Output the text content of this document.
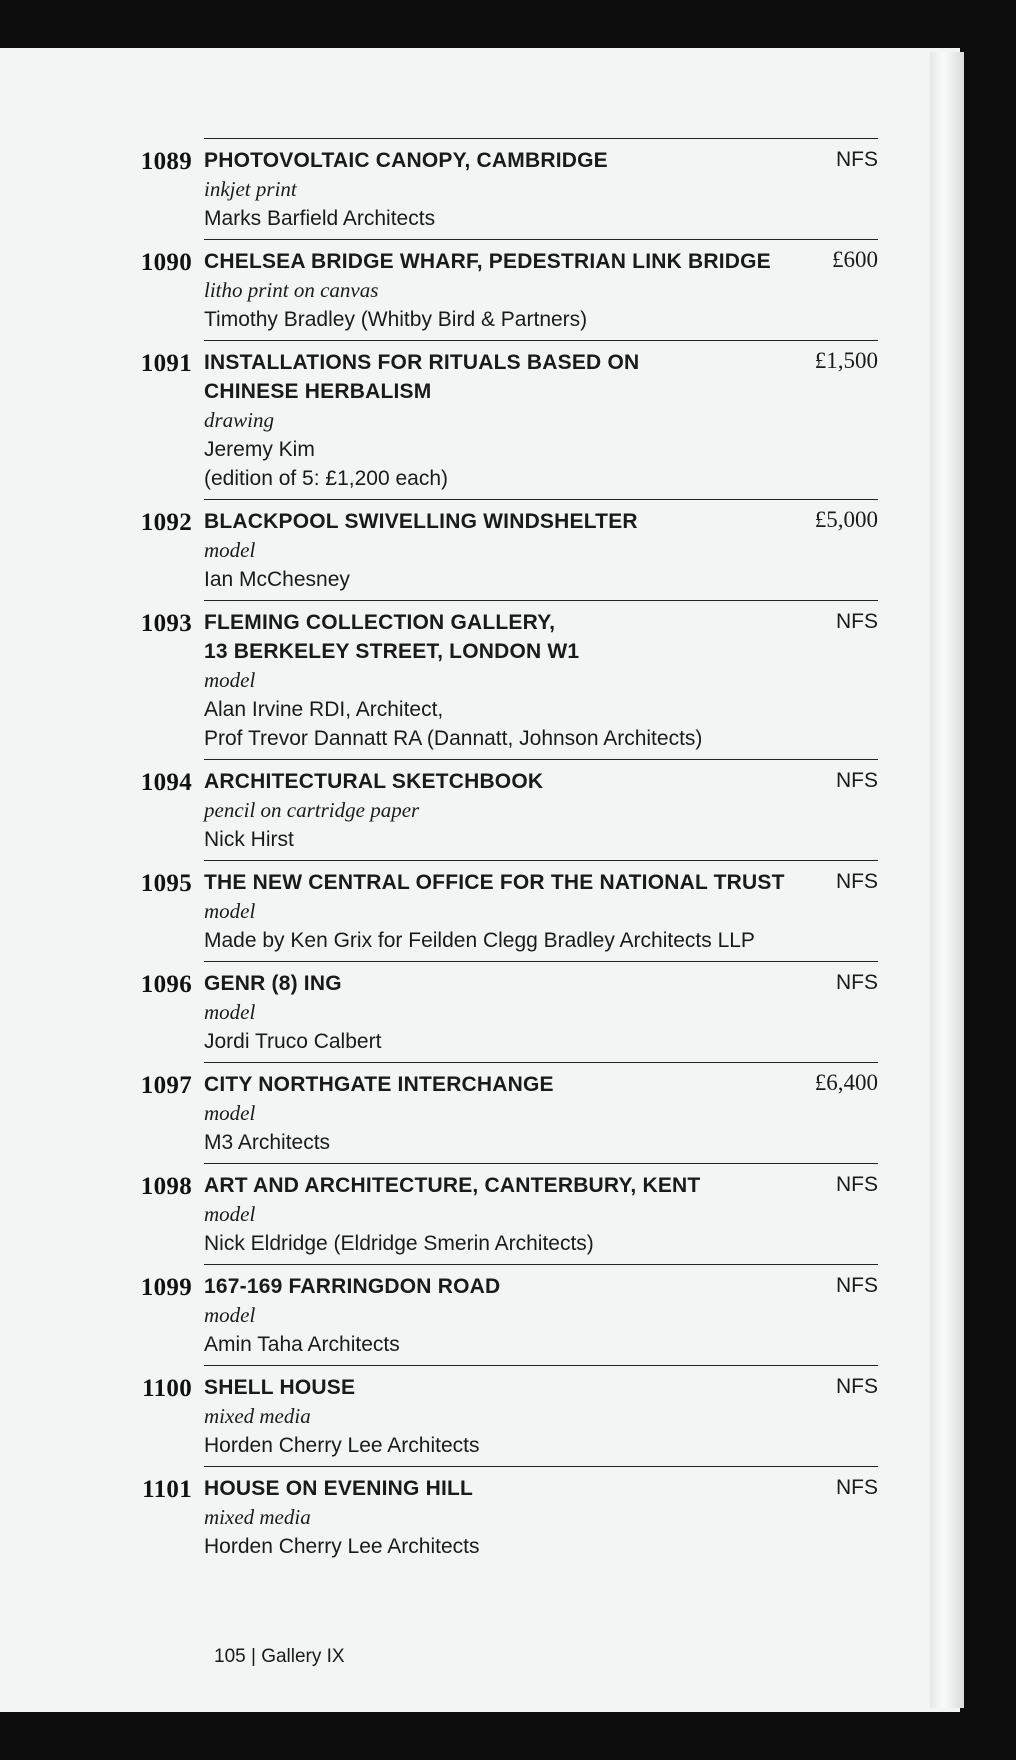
1089 PHOTOVOLTAIC CANOPY, CAMBRIDGE
inkjet print
Marks Barfield Architects
NFS
1090 CHELSEA BRIDGE WHARF, PEDESTRIAN LINK BRIDGE
litho print on canvas
Timothy Bradley (Whitby Bird & Partners)
£600
1091 INSTALLATIONS FOR RITUALS BASED ON CHINESE HERBALISM
drawing
Jeremy Kim
(edition of 5: £1,200 each)
£1,500
1092 BLACKPOOL SWIVELLING WINDSHELTER
model
Ian McChesney
£5,000
1093 FLEMING COLLECTION GALLERY,
13 BERKELEY STREET, LONDON W1
model
Alan Irvine RDI, Architect,
Prof Trevor Dannatt RA (Dannatt, Johnson Architects)
NFS
1094 ARCHITECTURAL SKETCHBOOK
pencil on cartridge paper
Nick Hirst
NFS
1095 THE NEW CENTRAL OFFICE FOR THE NATIONAL TRUST
model
Made by Ken Grix for Feilden Clegg Bradley Architects LLP
NFS
1096 GENR (8) ING
model
Jordi Truco Calbert
NFS
1097 CITY NORTHGATE INTERCHANGE
model
M3 Architects
£6,400
1098 ART AND ARCHITECTURE, CANTERBURY, KENT
model
Nick Eldridge (Eldridge Smerin Architects)
NFS
1099 167-169 FARRINGDON ROAD
model
Amin Taha Architects
NFS
1100 SHELL HOUSE
mixed media
Horden Cherry Lee Architects
NFS
1101 HOUSE ON EVENING HILL
mixed media
Horden Cherry Lee Architects
NFS
105 | Gallery IX
